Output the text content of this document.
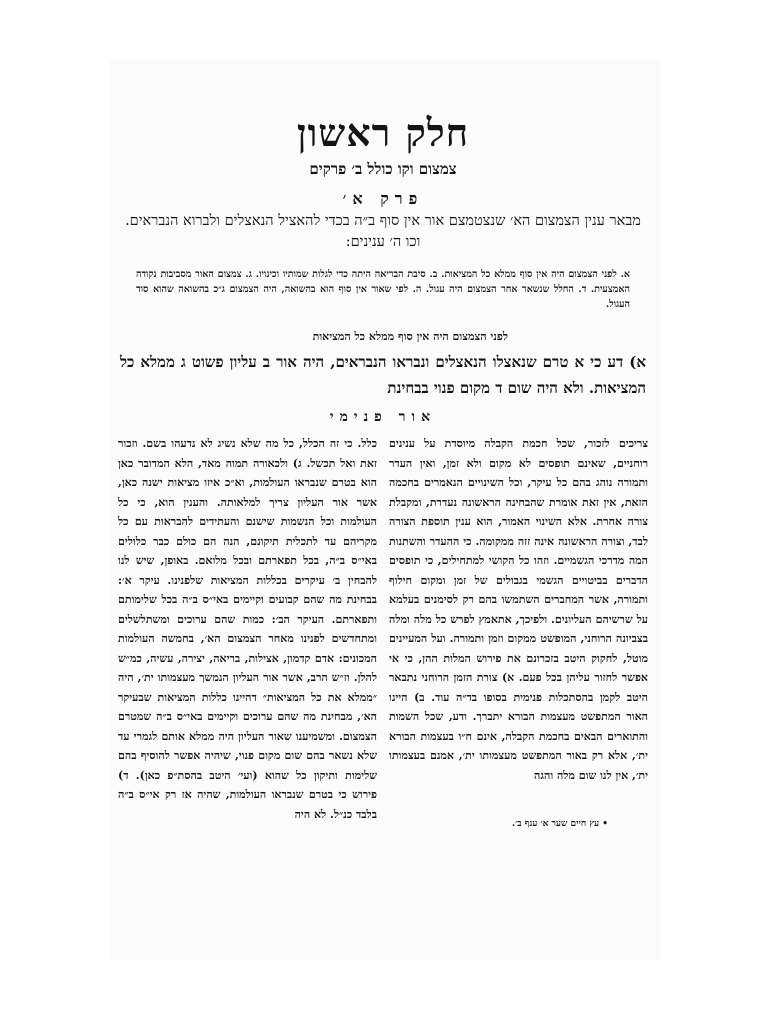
חלק ראשון
צמצום וקו כולל ב׳ פרקים
פרק א׳
מבאר ענין הצמצום הא׳ שנצטמצם אור אין סוף ב״ה בכדי להאציל הנאצלים ולברוא הנבראים. וכו ה׳ ענינים:
א. לפני הצמצום היה אין סוף ממלא כל המציאות. ב. סיבת הבריאה היתה כדי לגלות שמותיו וכינויו. ג. צמצום האור מסביבות נקודה האמצעית. ד. החלל שנשאר אחר הצמצום היה עגול. ה. לפי שאור אין סוף הוא בהשואה, היה הצמצום ג״כ בהשואה שהוא סוד העגול.
לפני הצמצום היה אין סוף ממלא כל המציאות
א) דע כי א טרם שנאצלו הנאצלים ונבראו הנבראים, היה אור ב עליון פשוט ג ממלא כל המציאות. ולא היה שום ד מקום פנוי בבחינת
אור פנימי

צריכים לזכור, שכל חכמת הקבלה מיוסדת על ענינים רוחניים, שאינם תופסים לא מקום ולא זמן, ואין העדר ותמורה נוהג בהם כל עיקר, וכל השינויים הנאמרים בחכמה הזאת, אין זאת אומרת שהבחינה הראשונה נעדרת, ומקבלת צורה אחרת. אלא השינוי האמור, הוא ענין תוספת הצורה לבד, וצורה הראשונה אינה זזה ממקומה. כי ההעדר והשתנות המה מדרכי הגשמיים. וזהו כל הקושי למתחילים, כי תופסים הדברים בביטויים הגשמי בגבולים של זמן ומקום חילוף ותמורה, אשר המחברים השתמשו בהם רק לסימנים בעלמא על שרשיהם העליונים. ולפיכך, אתאמץ לפרש כל מלה ומלה בצביונה הרוחני, המופשט ממקום וזמן ותמורה. ועל המעיינים מוטל, לחקוק היטב בזכרונם את פירוש המלות ההן, כי אי אפשר לחזור עליהן בכל פעם. א) צורת הזמן הרוחני נתבאר היטב לקמן בהסתכלות פנימית בסופו בד״ה עוד. ב) היינו האור המתפשט מעצמות הבורא יתברך. ודע, שכל השמות והתוארים הבאים בחכמת הקבלה, אינם ח״ו בעצמות הבורא ית׳, אלא רק באור המתפשט מעצמותו ית׳, אמנם בעצמותו ית׳, אין לנו שום מלה והגה

• עץ חיים שער א׳ ענף ב׳.

כלל. כי זה הכלל, כל מה שלא נשיג לא נדעהו בשם. וזכור זאת ואל תכשל. ג) ולכאורה תמוה מאד, הלא המדובר כאן הוא בטרם שנבראו העולמות, וא״כ איזו מציאות ישנה כאן, אשר אור העליון צריך למלאותה. והענין הוא, כי כל העולמות וכל הנשמות שישנם והעתידים להבראות עם כל מקריהם עד לתכלית תיקונם, הנה הם כולם כבר כלולים באי״ס ב״ה, בכל תפארתם ובכל מלואם. באופן, שיש לנו להבחין ב׳ עיקרים בכללות המציאות שלפנינו. עיקר א׳: בבחינת מה שהם קבועים וקיימים באי״ס ב״ה בכל שלימותם ותפארתם. העיקר הב׳: כמות שהם ערוכים ומשתלשלים ומתחדשים לפנינו מאחר הצמצום הא׳, בחמשה העולמות המכונים: אדם קדמון, אצילות, בריאה, יצירה, עשיה, כמ״ש להלן. וז״ש הרב, אשר אור העליון הנמשך מעצמותו ית׳, היה ״ממלא את כל המציאות״ דהיינו כללות המציאות שבעיקר הא׳, מבחינת מה שהם ערוכים וקיימים באי״ס ב״ה שמטרם הצמצום. ומשמיענו שאור העליון היה ממלא אותם לגמרי עד שלא נשאר בהם שום מקום פנוי, שיהיה אפשר להוסיף בהם שלימות ותיקון כל שהוא (ועי׳ היטב בהסת״פ כאן). ד) פירוש כי בטרם שנבראו העולמות, שהיה אז רק אי״ס ב״ה בלבד כנ״ל. לא היה
